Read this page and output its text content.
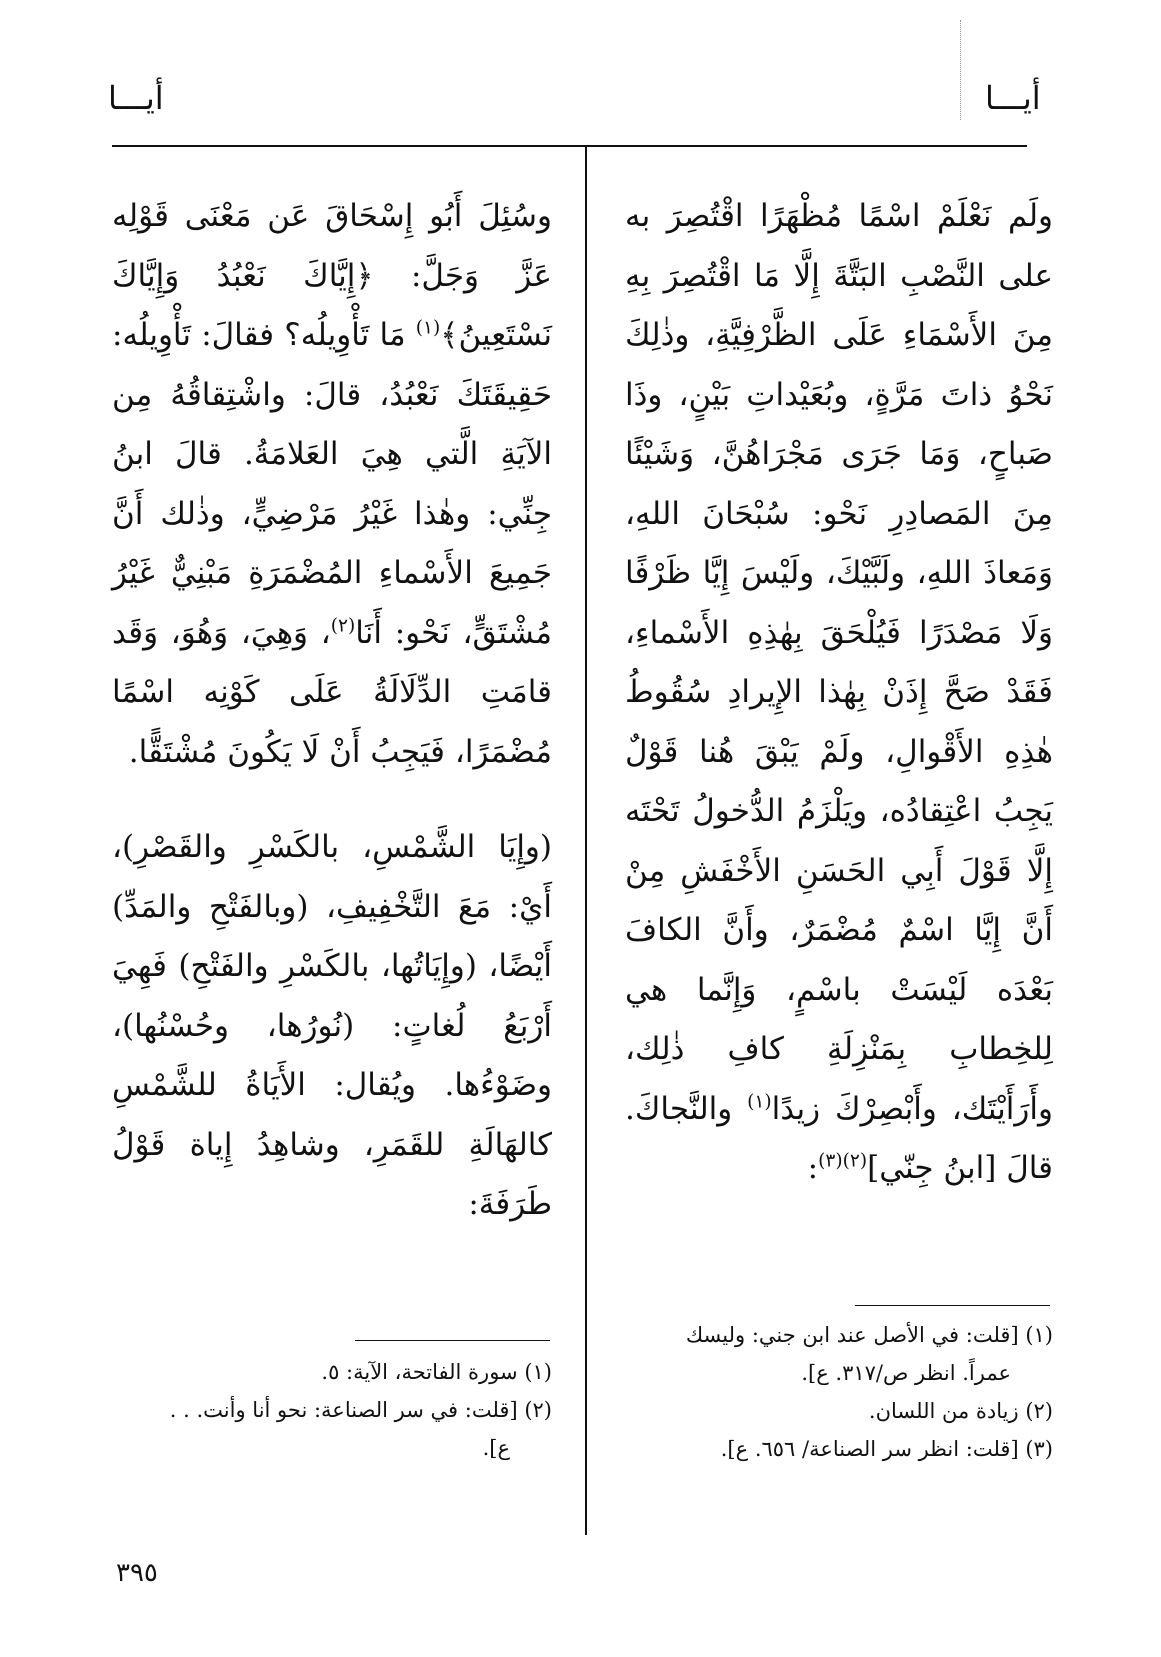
أيـــا
أيـــا

ولَم نَعْلَمْ اسْمًا مُظْهَرًا اقْتُصِرَ به على النَّصْبِ البَتَّةَ إِلَّا مَا اقْتُصِرَ بِهِ مِنَ الأَسْمَاءِ عَلَى الظَّرْفِيَّةِ، وذٰلِكَ نَحْوُ ذاتَ مَرَّةٍ، وبُعَيْداتِ بَيْنٍ، وذَا صَباحٍ، وَمَا جَرَى مَجْرَاهُنَّ، وَشَيْئًا مِنَ المَصادِرِ نَحْو: سُبْحَانَ اللهِ، وَمَعاذَ اللهِ، ولَبَّيْكَ، ولَيْسَ إِيَّا ظَرْفًا وَلَا مَصْدَرًا فَيُلْحَقَ بِهٰذِهِ الأَسْماءِ، فَقَدْ صَحَّ إِذَنْ بِهٰذا الإِيرادِ سُقُوطُ هٰذِهِ الأَقْوالِ، ولَمْ يَبْقَ هُنا قَوْلٌ يَجِبُ اعْتِقادُه، ويَلْزَمُ الدُّخولُ تَحْتَه إِلَّا قَوْلَ أَبِي الحَسَنِ الأَخْفَشِ مِنْ أَنَّ إِيَّا اسْمٌ مُضْمَرٌ، وأَنَّ الكافَ بَعْدَه لَيْسَتْ باسْمٍ، وَإِنَّما هي لِلخِطابِ بِمَنْزِلَةِ كافِ ذٰلِك، وأَرَأَيْتَك، وأَبْصِرْكَ زيدًا$^{(١)}$ والنَّجاكَ. قالَ [ابنُ جِنّي]$^{(٢)(٣)}$:

وسُئِلَ أَبُو إِسْحَاقَ عَن مَعْنَى قَوْلِه عَزَّ وَجَلَّ: ﴿إِيَّاكَ نَعْبُدُ وَإِيَّاكَ نَسْتَعِينُ﴾$^{(١)}$ مَا تَأْوِيلُه؟ فقالَ: تَأْوِيلُه: حَقِيقَتَكَ نَعْبُدُ، قالَ: واشْتِقاقُهُ مِن الآيَةِ الَّتي هِيَ العَلامَةُ. قالَ ابنُ جِنِّي: وهٰذا غَيْرُ مَرْضِيٍّ، وذٰلك أَنَّ جَمِيعَ الأَسْماءِ المُضْمَرَةِ مَبْنِيٌّ غَيْرُ مُشْتَقٍّ، نَحْو: أَنَا$^{(٢)}$، وَهِيَ، وَهُوَ، وَقَد قامَتِ الدِّلَالَةُ عَلَى كَوْنِه اسْمًا مُضْمَرًا، فَيَجِبُ أَنْ لَا يَكُونَ مُشْتَقًّا.

(وإِيَا الشَّمْسِ، بالكَسْرِ والقَصْرِ)، أَيْ: مَعَ التَّخْفِيفِ، (وبالفَتْحِ والمَدِّ) أَيْضًا، (وإِيَاتُها، بالكَسْرِ والفَتْحِ) فَهِيَ أَرْبَعُ لُغاتٍ: (نُورُها، وحُسْنُها)، وضَوْءُها. ويُقال: الأَيَاةُ للشَّمْسِ كالهَالَةِ للقَمَرِ، وشاهِدُ إِياة قَوْلُ طَرَفَةَ:

(١) [قلت: في الأصل عند ابن جني: وليسك

عمراً. انظر ص/٣١٧. ع].

(٢) زيادة من اللسان.

(٣) [قلت: انظر سر الصناعة/ ٦٥٦. ع].

(١) سورة الفاتحة، الآية: ٥.

(٢) [قلت: في سر الصناعة: نحو أنا وأنت. . .

ع].

٣٩٥
